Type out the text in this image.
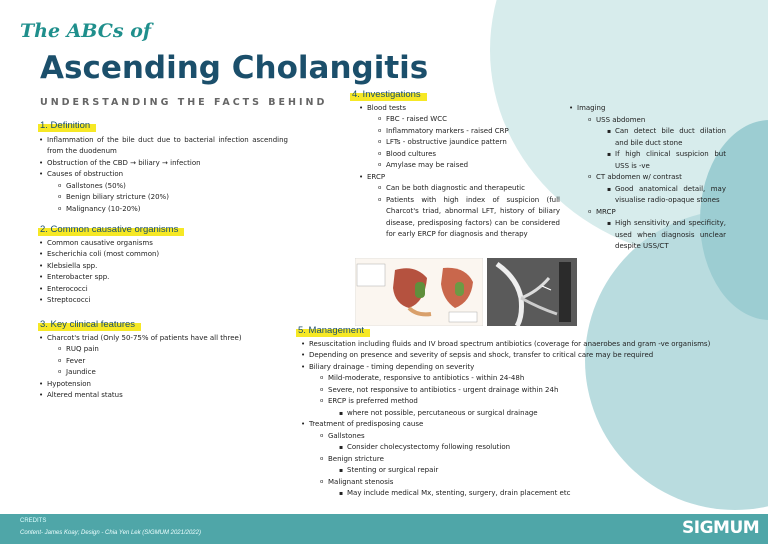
The ABCs of
Ascending Cholangitis
UNDERSTANDING THE FACTS BEHIND
1. Definition
• Inflammation of the bile duct due to bacterial infection ascending from the duodenum
• Obstruction of the CBD → biliary → infection
• Causes of obstruction
o Gallstones (50%)
o Benign biliary stricture (20%)
o Malignancy (10-20%)
2. Common causative organisms
• Common causative organisms
• Escherichia coli (most common)
• Klebsiella spp.
• Enterobacter spp.
• Enterococci
• Streptococci
3. Key clinical features
• Charcot's triad (Only 50-75% of patients have all three)
o RUQ pain
o Fever
o Jaundice
• Hypotension
• Altered mental status
4. Investigations
• Blood tests
o FBC - raised WCC
o Inflammatory markers - raised CRP
o LFTs - obstructive jaundice pattern
o Blood cultures
o Amylase may be raised
• ERCP
o Can be both diagnostic and therapeutic
o Patients with high index of suspicion (full Charcot's triad, abnormal LFT, history of biliary disease, predisposing factors) can be considered for early ERCP for diagnosis and therapy
• Imaging
o USS abdomen
▪ Can detect bile duct dilation and bile duct stone
▪ If high clinical suspicion but USS is -ve
o CT abdomen w/ contrast
▪ Good anatomical detail, may visualise radio-opaque stones
o MRCP
▪ High sensitivity and specificity, used when diagnosis unclear despite USS/CT
5. Management
• Resuscitation including fluids and IV broad spectrum antibiotics (coverage for anaerobes and gram -ve organisms)
• Depending on presence and severity of sepsis and shock, transfer to critical care may be required
• Biliary drainage - timing depending on severity
o Mild-moderate, responsive to antibiotics - within 24-48h
o Severe, not responsive to antibiotics - urgent drainage within 24h
o ERCP is preferred method
▪ where not possible, percutaneous or surgical drainage
• Treatment of predisposing cause
o Gallstones
▪ Consider cholecystectomy following resolution
o Benign stricture
▪ Stenting or surgical repair
o Malignant stenosis
▪ May include medical Mx, stenting, surgery, drain placement etc
CREDITS
Content- James Koay; Design - Chia Yen Lek (SIGMUM 2021/2022)	SIGMUM
